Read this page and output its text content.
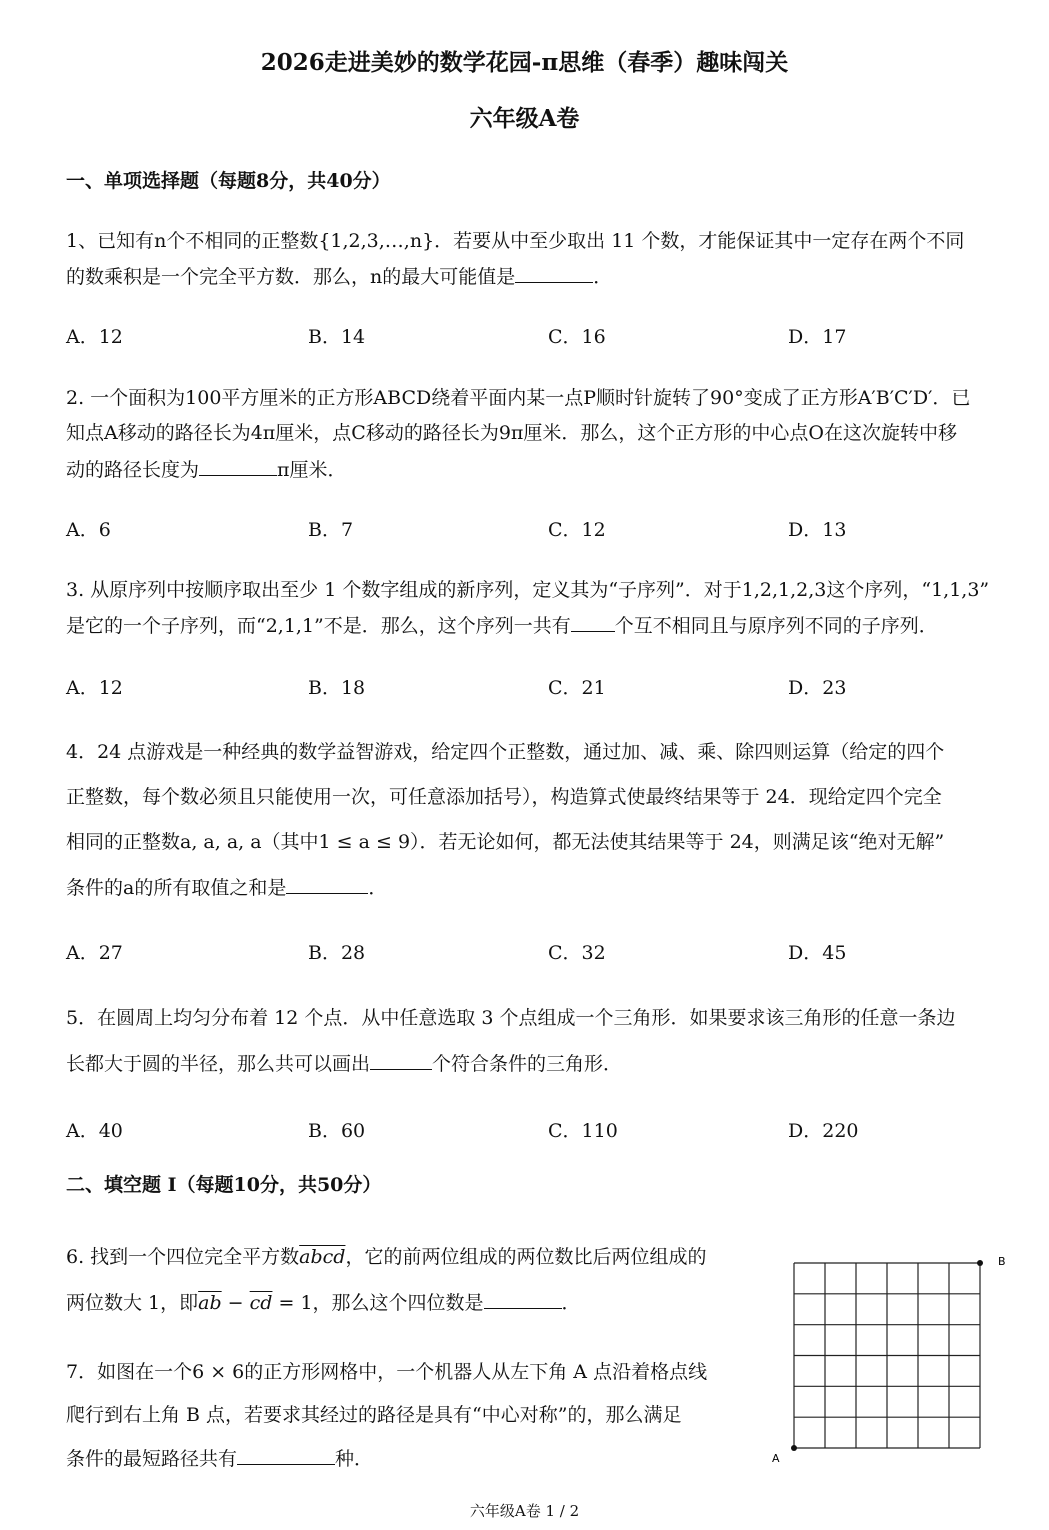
2026走进美妙的数学花园-π思维（春季）趣味闯关
六年级A卷
一、单项选择题（每题8分，共40分）
1、已知有n个不相同的正整数{1,2,3,…,n}．若要从中至少取出 11 个数，才能保证其中一定存在两个不同
的数乘积是一个完全平方数．那么，n的最大可能值是	．
A．12	B．14	C．16	D．17
2. 一个面积为100平方厘米的正方形ABCD绕着平面内某一点P顺时针旋转了90°变成了正方形A′B′C′D′．已
知点A移动的路径长为4π厘米，点C移动的路径长为9π厘米．那么，这个正方形的中心点O在这次旋转中移
动的路径长度为	π厘米．
A．6	B．7	C．12	D．13
3. 从原序列中按顺序取出至少 1 个数字组成的新序列，定义其为“子序列”．对于1,2,1,2,3这个序列，“1,1,3”
是它的一个子序列，而“2,1,1”不是．那么，这个序列一共有 个互不相同且与原序列不同的子序列．
A．12	B．18	C．21	D．23
4．24 点游戏是一种经典的数学益智游戏，给定四个正整数，通过加、减、乘、除四则运算（给定的四个
正整数，每个数必须且只能使用一次，可任意添加括号），构造算式使最终结果等于 24．现给定四个完全
相同的正整数a, a, a, a（其中1 ≤ a ≤ 9）．若无论如何，都无法使其结果等于 24，则满足该“绝对无解”
条件的a的所有取值之和是	．
A．27	B．28	C．32	D．45
5．在圆周上均匀分布着 12 个点．从中任意选取 3 个点组成一个三角形．如果要求该三角形的任意一条边
长都大于圆的半径，那么共可以画出	个符合条件的三角形．
A．40	B．60	C．110	D．220
二、填空题 I（每题10分，共50分）
6. 找到一个四位完全平方数abcd，它的前两位组成的两位数比后两位组成的
两位数大 1，即$\overline{ab} - \overline{cd} = 1$，那么这个四位数是	．
7．如图在一个6 × 6的正方形网格中，一个机器人从左下角 A 点沿着格点线
爬行到右上角 B 点，若要求其经过的路径是具有“中心对称”的，那么满足
条件的最短路径共有	种．	A
B
六年级A卷 1 / 2
